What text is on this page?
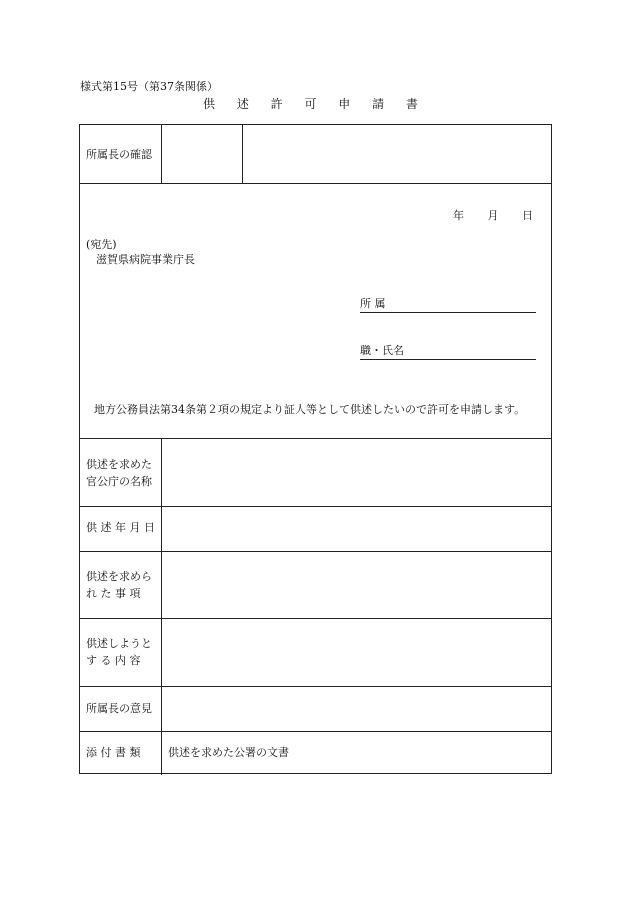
様式第15号（第37条関係）
供 述 許 可 申 請 書
所属長の確認
年 月 日
(宛先)
滋賀県病院事業庁長
所 属
職・氏名
地方公務員法第34条第２項の規定より証人等として供述したいので許可を申請します。
供述を求めた
官公庁の名称
供 述 年 月 日
供述を求めら
れ た 事 項
供述しようと
す る 内 容
所属長の意見
添 付 書 類	供述を求めた公署の文書
